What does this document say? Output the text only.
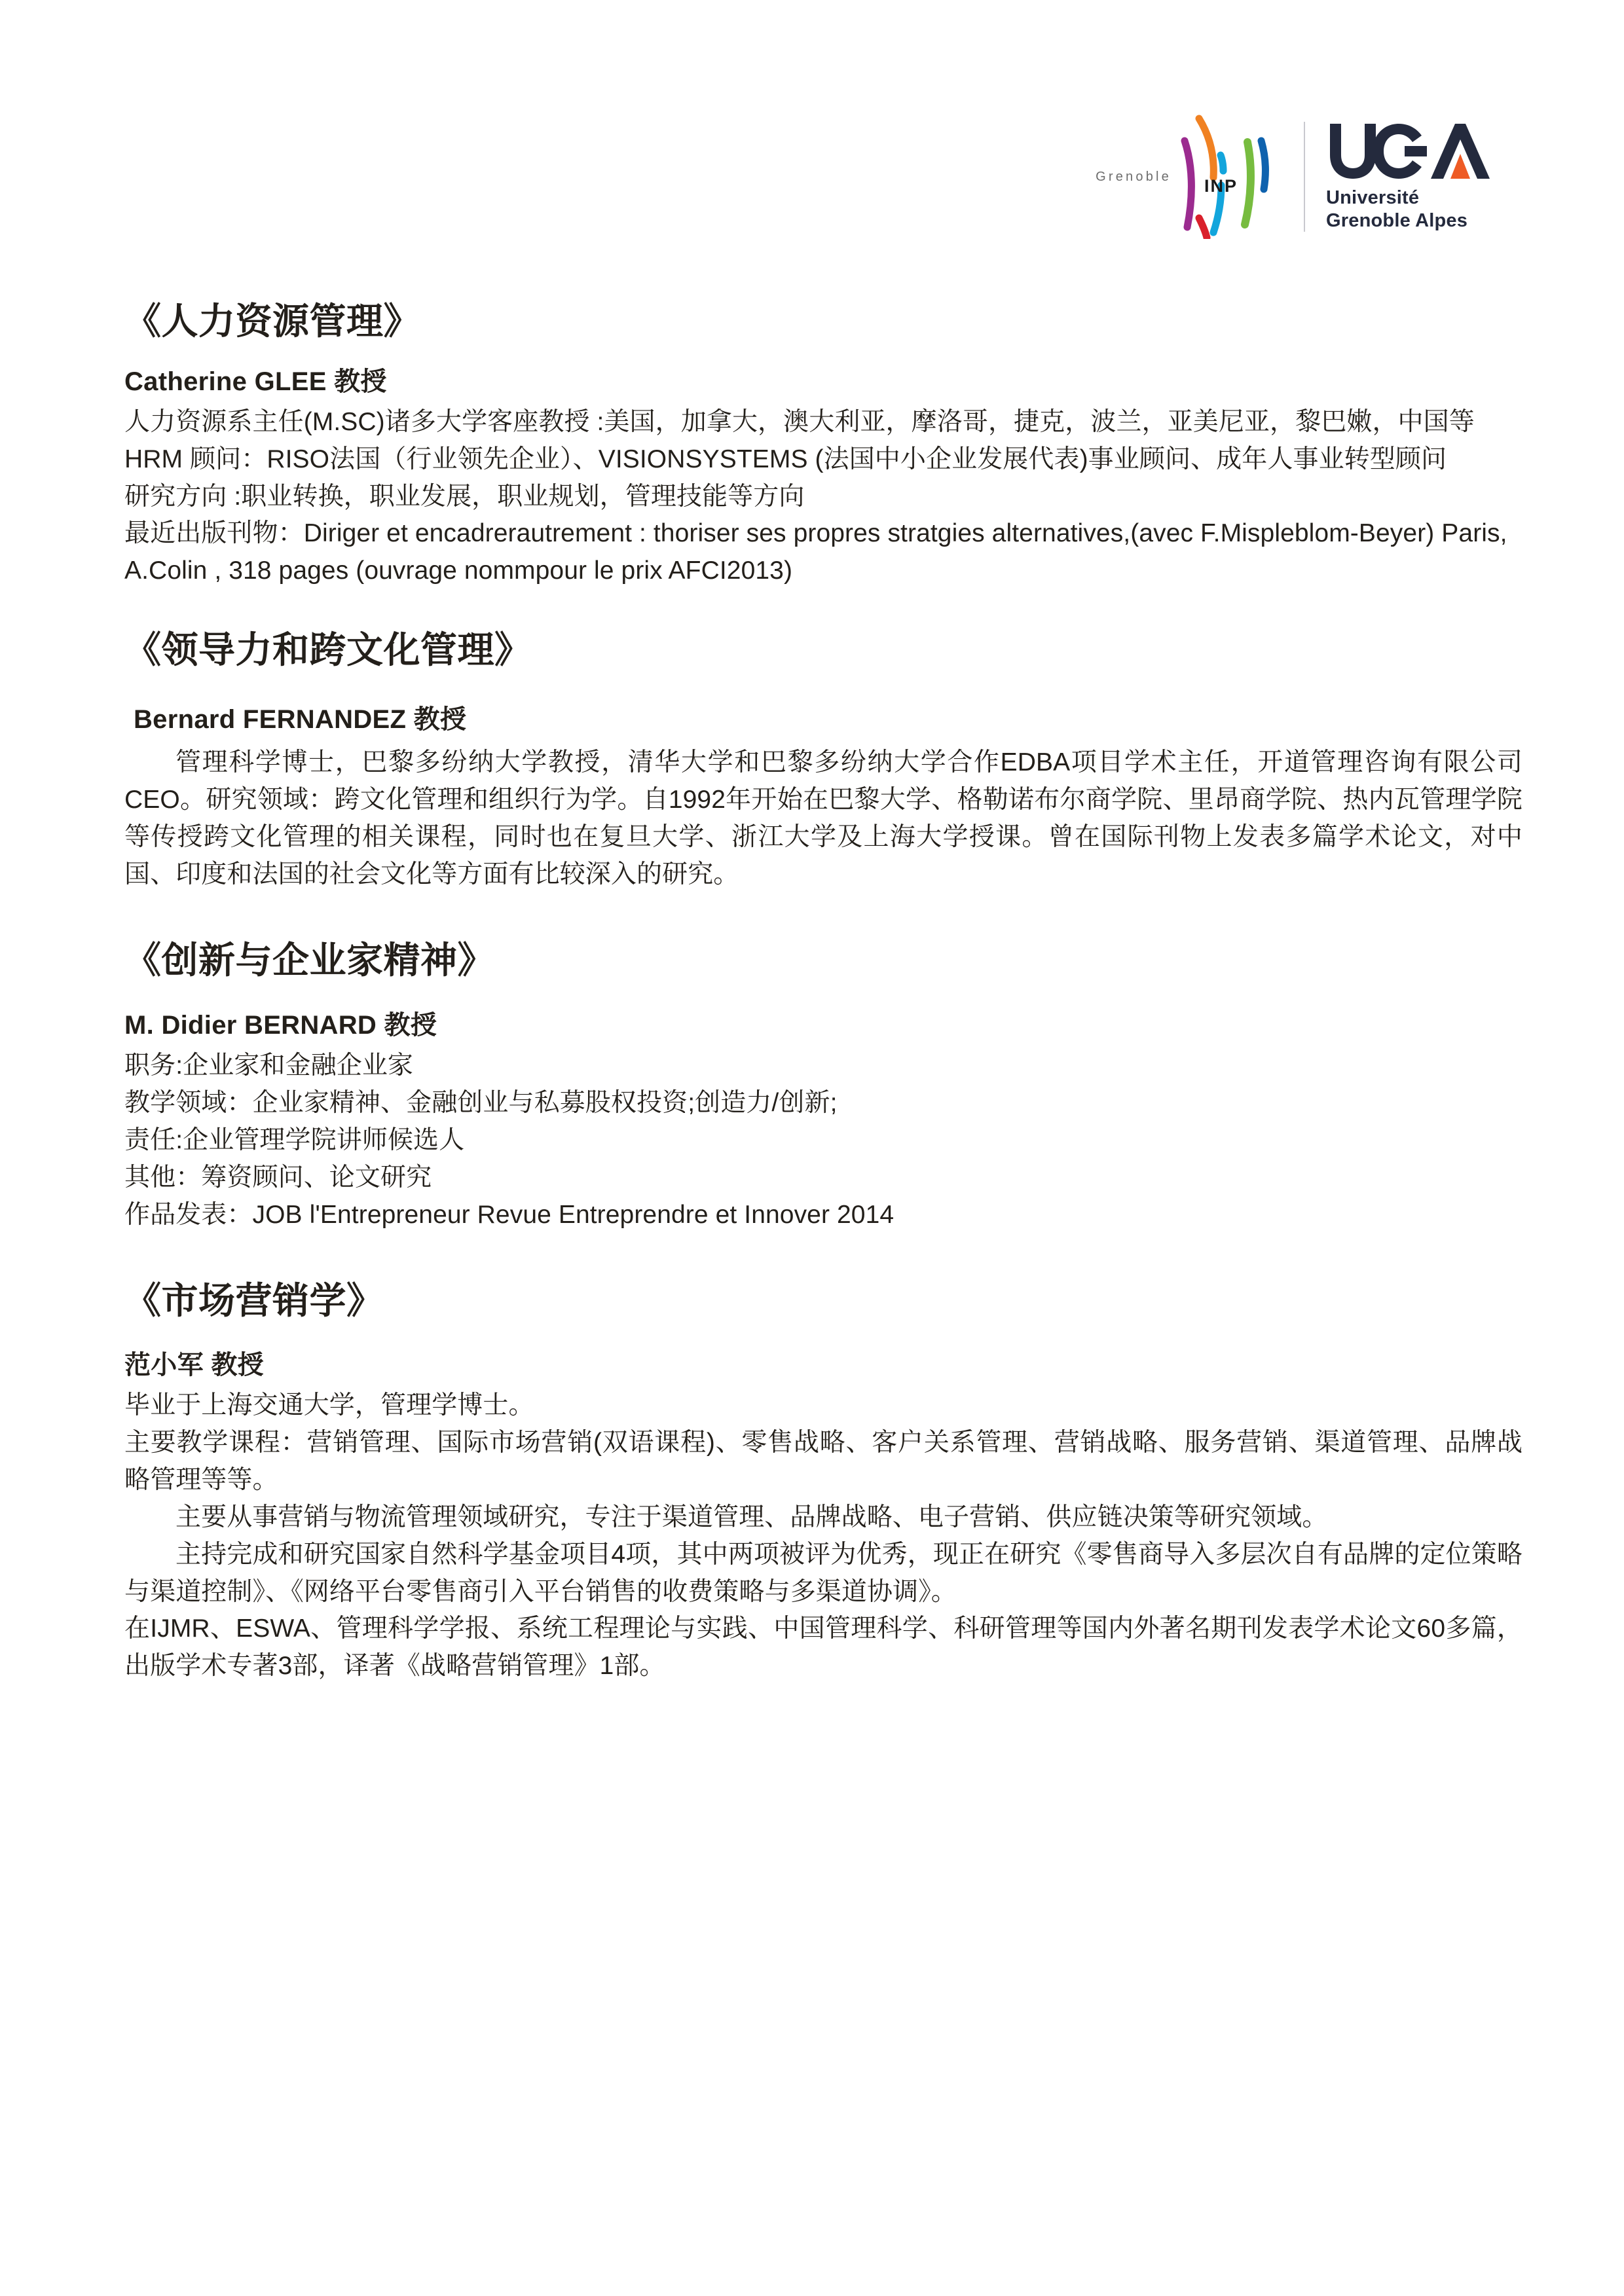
Grenoble INP
Université
Grenoble Alpes
《人力资源管理》

Catherine GLEE 教授

人力资源系主任(M.SC)诸多大学客座教授 :美国，加拿大，澳大利亚，摩洛哥，捷克，波兰，亚美尼亚，黎巴嫩，中国等
HRM 顾问：RISO法国（行业领先企业）、VISIONSYSTEMS (法国中小企业发展代表)事业顾问、成年人事业转型顾问
研究方向 :职业转换，职业发展，职业规划，管理技能等方向
最近出版刊物：Diriger et encadrerautrement : thoriser ses propres stratgies alternatives,(avec F.Mispleblom-Beyer) Paris, A.Colin , 318 pages (ouvrage nommpour le prix AFCI2013)
《领导力和跨文化管理》

Bernard FERNANDEZ 教授

管理科学博士，巴黎多纷纳大学教授，清华大学和巴黎多纷纳大学合作EDBA项目学术主任，开道管理咨询有限公司CEO。研究领域：跨文化管理和组织行为学。自1992年开始在巴黎大学、格勒诺布尔商学院、里昂商学院、热内瓦管理学院等传授跨文化管理的相关课程，同时也在复旦大学、浙江大学及上海大学授课。曾在国际刊物上发表多篇学术论文，对中国、印度和法国的社会文化等方面有比较深入的研究。

《创新与企业家精神》

M. Didier BERNARD 教授

职务:企业家和金融企业家
教学领域：企业家精神、金融创业与私募股权投资;创造力/创新;
责任:企业管理学院讲师候选人
其他：筹资顾问、论文研究
作品发表：JOB l'Entrepreneur Revue Entreprendre et Innover 2014
《市场营销学》

范小军 教授

毕业于上海交通大学，管理学博士。

主要教学课程：营销管理、国际市场营销(双语课程)、零售战略、客户关系管理、营销战略、服务营销、渠道管理、品牌战略管理等等。

主要从事营销与物流管理领域研究，专注于渠道管理、品牌战略、电子营销、供应链决策等研究领域。

主持完成和研究国家自然科学基金项目4项，其中两项被评为优秀，现正在研究《零售商导入多层次自有品牌的定位策略与渠道控制》、《网络平台零售商引入平台销售的收费策略与多渠道协调》。

在IJMR、ESWA、管理科学学报、系统工程理论与实践、中国管理科学、科研管理等国内外著名期刊发表学术论文60多篇，出版学术专著3部，译著《战略营销管理》1部。
